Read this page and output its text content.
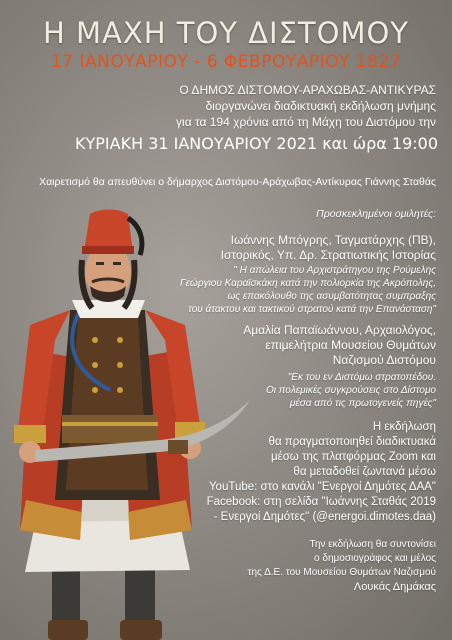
Η ΜΑΧΗ ΤΟΥ ΔΙΣΤΟΜΟΥ
17 ΙΑΝΟΥΑΡΙΟΥ - 6 ΦΕΒΡΟΥΑΡΙΟΥ 1827
Ο ΔΗΜΟΣ ΔΙΣΤΟΜΟΥ-ΑΡΑΧΩΒΑΣ-ΑΝΤΙΚΥΡΑΣ
διοργανώνει διαδικτυακή εκδήλωση μνήμης
για τα 194 χρόνια από τη Μάχη του Διστόμου την
ΚΥΡΙΑΚΗ 31 ΙΑΝΟΥΑΡΙΟΥ 2021 και ώρα 19:00
Χαιρετισμό θα απευθύνει ο δήμαρχος Διστόμου-Αράχωβας-Αντίκυρας Γιάννης Σταθάς
Προσκεκλημένοι ομιλητές:
Ιωάννης Μπόγρης, Ταγματάρχης (ΠΒ),
Ιστορικός, Υπ. Δρ. Στρατιωτικής Ιστορίας
" Η απώλεια του Αρχιστράτηγου της Ρούμελης
Γεώργιου Καραϊσκάκη κατά την πολιορκία της Ακρόπολης,
ως επακόλουθο της ασυμβατότητας συμπραξης
του άτακτου και τακτικού στρατού κατά την Επανάσταση"
Αμαλία Παπαϊωάννου, Αρχαιολόγος,
επιμελήτρια Μουσείου Θυμάτων
Ναζισμού Διστόμου
"Εκ του εν Διστόμω στρατοπέδου.
Οι πολεμικές συγκρούσεις στο Δίστομο
μέσα από τις πρωτογενείς πηγές"
Η εκδήλωση
θα πραγματοποιηθεί διαδικτυακά
μέσω της πλατφόρμας Zoom και
θα μεταδοθεί ζωντανά μέσω
YouTube: στο κανάλι "Ενεργοί Δημότες ΔΑΑ"
Facebook: στη σελίδα "Ιωάννης Σταθάς 2019
- Ενεργοί Δημότες" (@energoi.dimotes.daa)
Την εκδήλωση θα συντονίσει
ο δημοσιογράφος και μέλος
της Δ.Ε. του Μουσείου Θυμάτων Ναζισμού
Λουκάς Δημάκας
